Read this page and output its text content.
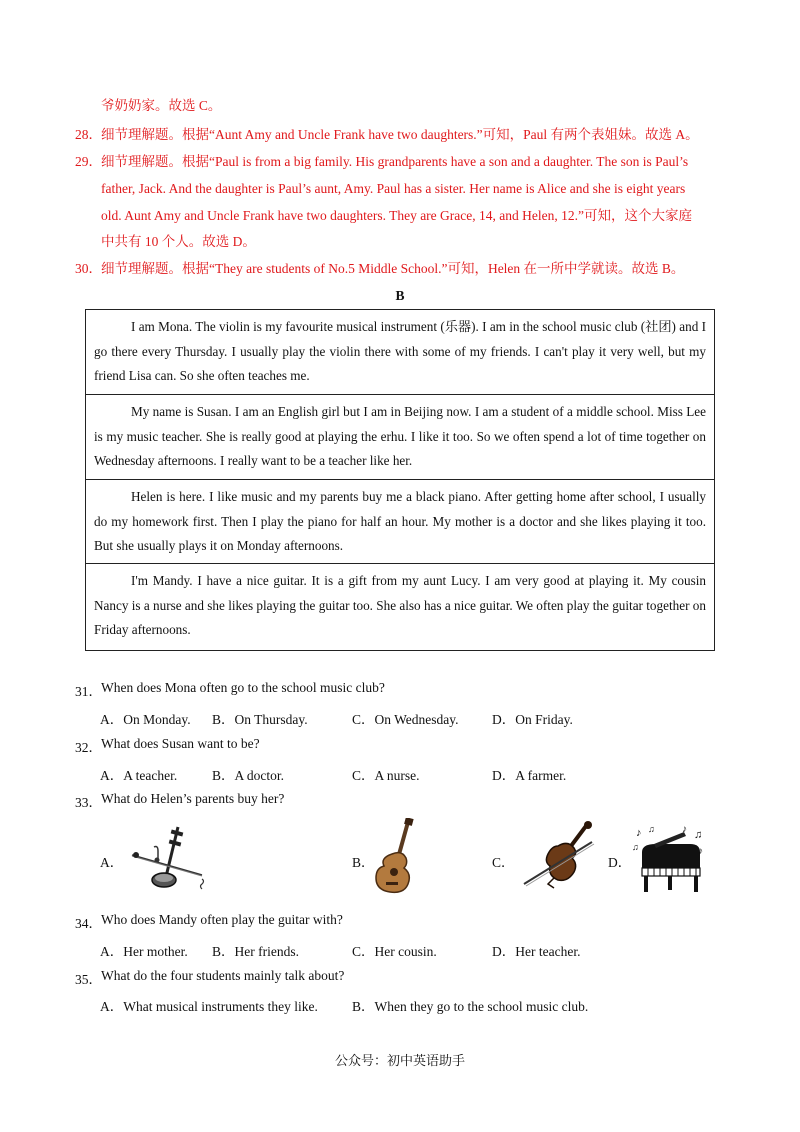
爷奶奶家。故选 C。
28． 细节理解题。根据“Aunt Amy and Uncle Frank have two daughters.”可知，Paul 有两个表姐妹。故选 A。
29． 细节理解题。根据“Paul is from a big family. His grandparents have a son and a daughter. The son is Paul’s
father, Jack. And the daughter is Paul’s aunt, Amy. Paul has a sister. Her name is Alice and she is eight years
old. Aunt Amy and Uncle Frank have two daughters. They are Grace, 14, and Helen, 12.”可知，这个大家庭
中共有 10 个人。故选 D。
30． 细节理解题。根据“They are students of No.5 Middle School.”可知，Helen 在一所中学就读。故选 B。
B

I am Mona. The violin is my favourite musical instrument (乐器). I am in the school music club (社团) and I go there every Thursday. I usually play the violin there with some of my friends. I can't play it very well, but my friend Lisa can. So she often teaches me.

My name is Susan. I am an English girl but I am in Beijing now. I am a student of a middle school. Miss Lee is my music teacher. She is really good at playing the erhu. I like it too. So we often spend a lot of time together on Wednesday afternoons. I really want to be a teacher like her.

Helen is here. I like music and my parents buy me a black piano. After getting home after school, I usually do my homework first. Then I play the piano for half an hour. My mother is a doctor and she likes playing it too. But she usually plays it on Monday afternoons.

I'm Mandy. I have a nice guitar. It is a gift from my aunt Lucy. I am very good at playing it. My cousin Nancy is a nurse and she likes playing the guitar too. She also has a nice guitar. We often play the guitar together on Friday afternoons.

31． When does Mona often go to the school music club?
A．On Monday. B．On Thursday.	C．On Wednesday. D．On Friday.
32． What does Susan want to be?
A．A teacher.	B．A doctor.	C．A nurse.	D．A farmer.
33． What do Helen’s parents buy her?
A．	B．	C．	D．
♪ ♫	♪ ♫
♪
♫
34． Who does Mandy often play the guitar with?
A．Her mother. B．Her friends.	C．Her cousin.	D．Her teacher.
35． What do the four students mainly talk about?
A．What musical instruments they like.	B．When they go to the school music club.
公众号：初中英语助手
